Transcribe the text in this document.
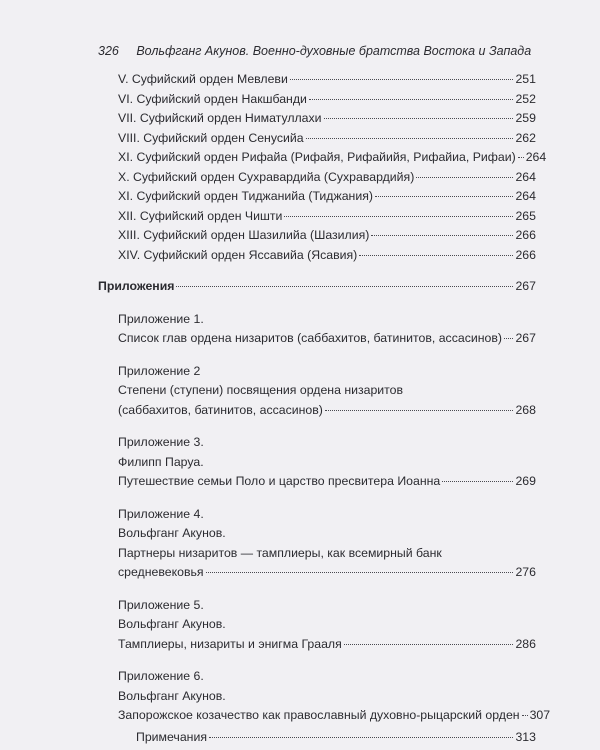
326 Вольфганг Акунов. Военно-духовные братства Востока и Запада
V. Суфийский орден Мевлеви	251
VI. Суфийский орден Накшбанди	252
VII. Суфийский орден Ниматуллахи	259
VIII. Суфийский орден Сенусийа	262
XI. Суфийский орден Рифайа (Рифайя, Рифайийя, Рифайиа, Рифаи) 264
X. Суфийский орден Сухравардийа (Сухравардийя)	264
XI. Суфийский орден Тиджанийа (Тиджания)	264
XII. Суфийский орден Чишти	265
XIII. Суфийский орден Шазилийа (Шазилия)	266
XIV. Суфийский орден Яссавийа (Ясавия)	266
Приложения	267
Приложение 1.
Список глав ордена низаритов (саббахитов, батинитов, ассасинов) 267
Приложение 2
Степени (ступени) посвящения ордена низаритов
(саббахитов, батинитов, ассасинов)	268
Приложение 3.
Филипп Паруа.
Путешествие семьи Поло и царство пресвитера Иоанна	269
Приложение 4.
Вольфганг Акунов.
Партнеры низаритов — тамплиеры, как всемирный банк
средневековья	276
Приложение 5.
Вольфганг Акунов.
Тамплиеры, низариты и энигма Грааля	286
Приложение 6.
Вольфганг Акунов.
Запорожское козачество как православный духовно-рыцарский орден 307
Примечания	313
